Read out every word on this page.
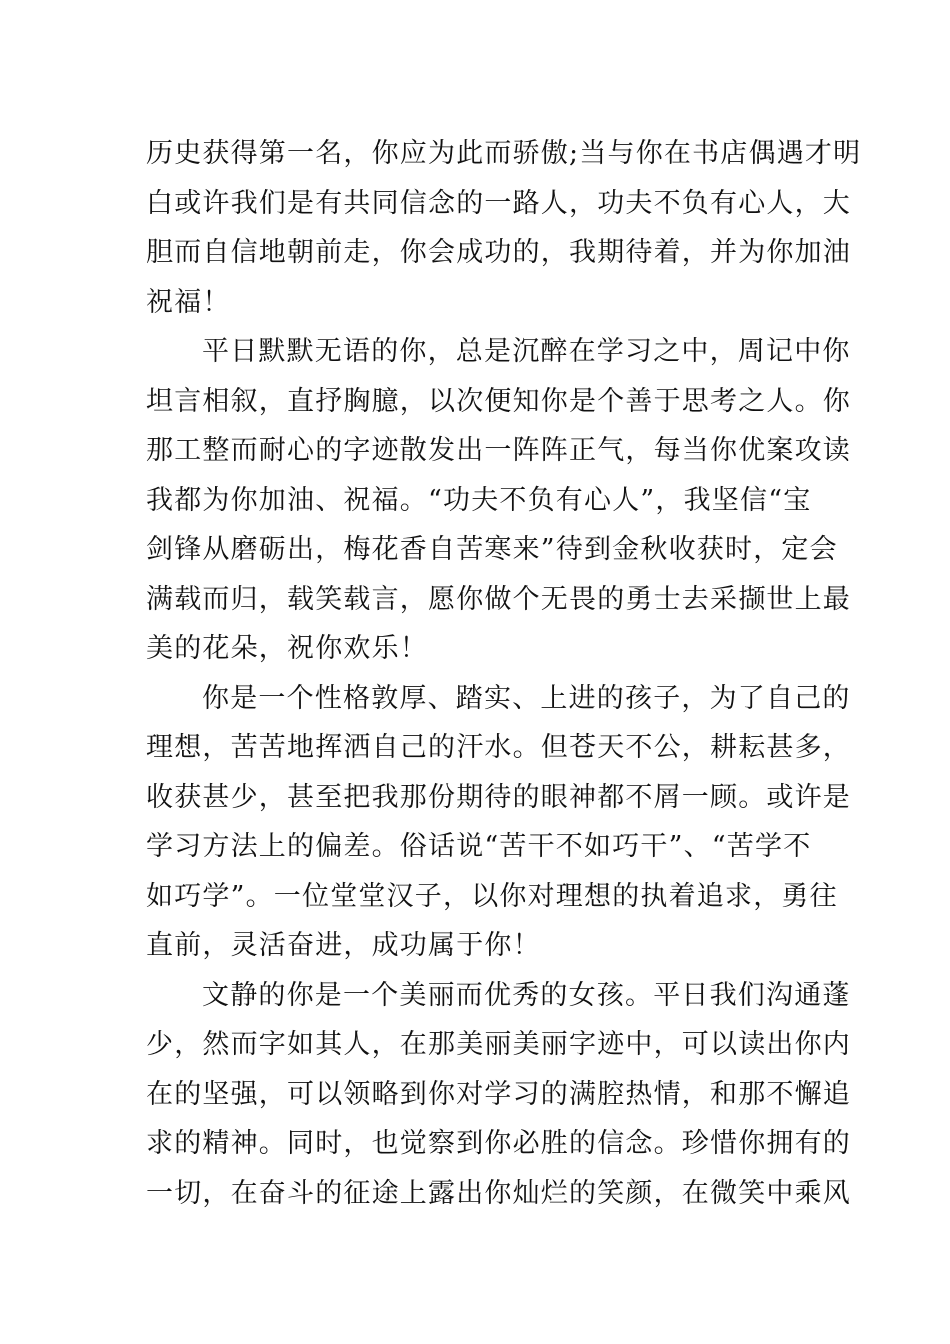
历史获得第一名，你应为此而骄傲;当与你在书店偶遇才明
白或许我们是有共同信念的一路人，功夫不负有心人，大
胆而自信地朝前走，你会成功的，我期待着，并为你加油
祝福！
平日默默无语的你，总是沉醉在学习之中，周记中你
坦言相叙，直抒胸臆，以次便知你是个善于思考之人。你
那工整而耐心的字迹散发出一阵阵正气，每当你优案攻读
我都为你加油、祝福。“功夫不负有心人”，我坚信“宝
剑锋从磨砺出，梅花香自苦寒来”待到金秋收获时，定会
满载而归，载笑载言，愿你做个无畏的勇士去采撷世上最
美的花朵，祝你欢乐！
你是一个性格敦厚、踏实、上进的孩子，为了自己的
理想，苦苦地挥洒自己的汗水。但苍天不公，耕耘甚多，
收获甚少，甚至把我那份期待的眼神都不屑一顾。或许是
学习方法上的偏差。俗话说“苦干不如巧干”、“苦学不
如巧学”。一位堂堂汉子，以你对理想的执着追求，勇往
直前，灵活奋进，成功属于你！
文静的你是一个美丽而优秀的女孩。平日我们沟通蓬
少，然而字如其人，在那美丽美丽字迹中，可以读出你内
在的坚强，可以领略到你对学习的满腔热情，和那不懈追
求的精神。同时，也觉察到你必胜的信念。珍惜你拥有的
一切，在奋斗的征途上露出你灿烂的笑颜，在微笑中乘风
